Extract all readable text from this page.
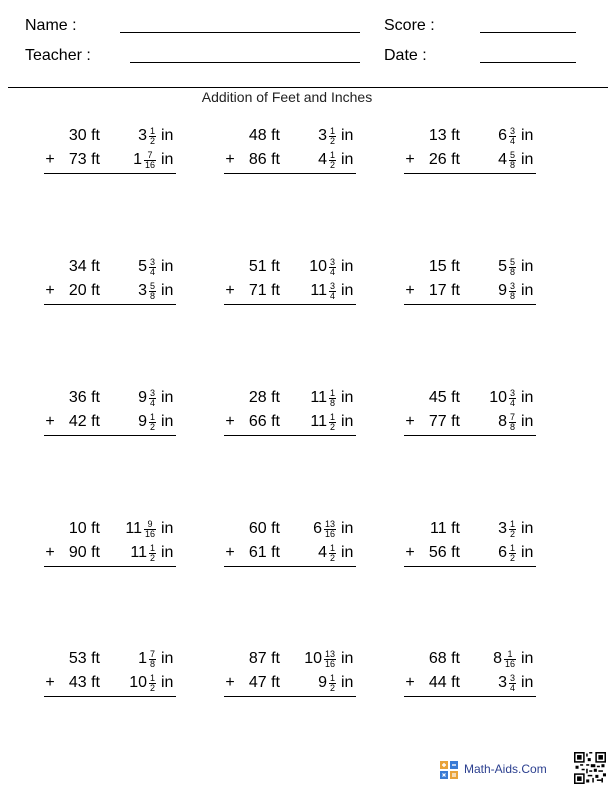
Name :	Score :
Teacher :	Date :
Addition of Feet and Inches
30 ft	$3 \frac{1}{2}$ in
+ 73 ft	$1 \frac{7}{16}$ in
48 ft	$3 \frac{1}{2}$ in
+ 86 ft	$4 \frac{1}{2}$ in
13 ft	$6 \frac{3}{4}$ in
+ 26 ft	$4 \frac{5}{8}$ in
34 ft	$5 \frac{3}{4}$ in
+ 20 ft	$3 \frac{5}{8}$ in
51 ft	$10 \frac{3}{4}$ in
+ 71 ft	$11 \frac{3}{4}$ in
15 ft	$5 \frac{5}{8}$ in
+ 17 ft	$9 \frac{3}{8}$ in
36 ft	$9 \frac{3}{4}$ in
+ 42 ft	$9 \frac{1}{2}$ in
28 ft	$11 \frac{1}{8}$ in
+ 66 ft	$11 \frac{1}{2}$ in
45 ft	$10 \frac{3}{4}$ in
+ 77 ft	$8 \frac{7}{8}$ in
10 ft	$11 \frac{9}{16}$ in
+ 90 ft	$11 \frac{1}{2}$ in
60 ft	$6 \frac{13}{16}$ in
+ 61 ft	$4 \frac{1}{2}$ in
11 ft	$3 \frac{1}{2}$ in
+ 56 ft	$6 \frac{1}{2}$ in
53 ft	$1 \frac{7}{8}$ in
+ 43 ft	$10 \frac{1}{2}$ in
87 ft	$10 \frac{13}{16}$ in
+ 47 ft	$9 \frac{1}{2}$ in
68 ft	$8 \frac{1}{16}$ in
+ 44 ft	$3 \frac{3}{4}$ in
Math-Aids.Com
